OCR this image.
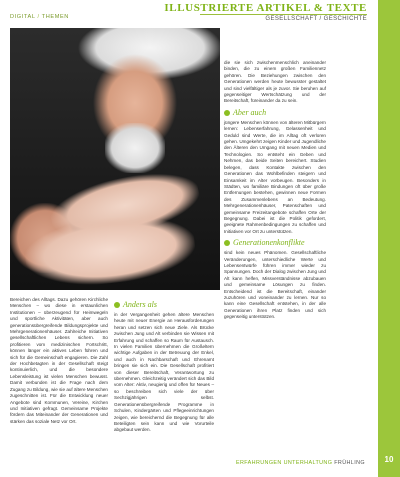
DIGITAL / THEMEN
ILLUSTRIERTE ARTIKEL & TEXTE
GESELLSCHAFT / GESCHICHTE
10

Bereichen des Alltags. Dazu gehören Kirchliche Menschen – wo diese in erstaunlichen Institutionen – überzeugend für Heimwegeln und sportliche Aktivitäten, aber auch generationsübergreifende Bildungsprojekte und Mehrgenerationenhäuser. Zahlreiche Initiativen gesellschaftlichen Lebens sichern. So profitieren vom medizinischen Fortschritt, können länger ein aktives Leben führen und sich für die Gemeinschaft engagieren. Die Zahl der Hochbetagten in der Gesellschaft steigt kontinuierlich, und die besondere Lebensleistung ist vielen Menschen bewusst. Damit verbunden ist die Frage nach dem Zugang zu Bildung, wie sie auf ältere Menschen zugeschnitten ist. Für die Entwicklung neuer Angebote sind Kommunen, Vereine, Kirchen und Initiativen gefragt. Gemeinsame Projekte fördern das Miteinander der Generationen und stärken das soziale Netz vor Ort.

Anders als

in der Vergangenheit gehen ältere Menschen heute mit neuer Energie an Herausforderungen heran und setzen sich neue Ziele. Als Brücke zwischen Jung und Alt verbinden sie Wissen mit Erfahrung und schaffen so Raum für Austausch. In vielen Familien übernehmen die Großeltern wichtige Aufgaben in der Betreuung der Enkel, und auch in Nachbarschaft und Ehrenamt bringen sie sich ein. Die Gesellschaft profitiert von dieser Bereitschaft, Verantwortung zu übernehmen. Gleichzeitig verändert sich das Bild vom Alter: Aktiv, neugierig und offen für Neues – so beschreiben sich viele der über Sechzigjährigen selbst. Generationenübergreifende Programme in Schulen, Kindergärten und Pflegeeinrichtungen zeigen, wie bereichernd die Begegnung für alle Beteiligten sein kann und wie Vorurteile abgebaut werden.

die sie sich zwischenmenschlich aneinander binden, die zu einem großen Familiennetz gehören. Die Beziehungen zwischen den Generationen werden heute bewusster gestaltet und sind vielfältiger als je zuvor. Sie beruhen auf gegenseitiger Wertschätzung und der Bereitschaft, füreinander da zu sein.

Aber auch

jüngere Menschen können von älteren Mitbürgern lernen: Lebenserfahrung, Gelassenheit und Geduld sind Werte, die im Alltag oft verloren gehen. Umgekehrt zeigen Kinder und Jugendliche den Älteren den Umgang mit neuen Medien und Technologien. So entsteht ein Geben und Nehmen, das beide Seiten bereichert. Studien belegen, dass Kontakte zwischen den Generationen das Wohlbefinden steigern und Einsamkeit im Alter vorbeugen. Besonders in Städten, wo familiäre Bindungen oft über große Entfernungen bestehen, gewinnen neue Formen des Zusammenlebens an Bedeutung. Mehrgenerationenhäuser, Patenschaften und gemeinsame Freizeitangebote schaffen Orte der Begegnung. Dabei ist die Politik gefordert, geeignete Rahmenbedingungen zu schaffen und Initiativen vor Ort zu unterstützen.

Generationenkonflikte

sind kein neues Phänomen. Gesellschaftliche Veränderungen, unterschiedliche Werte und Lebensentwürfe führen immer wieder zu Spannungen. Doch der Dialog zwischen Jung und Alt kann helfen, Missverständnisse abzubauen und gemeinsame Lösungen zu finden. Entscheidend ist die Bereitschaft, einander zuzuhören und voneinander zu lernen. Nur so kann eine Gesellschaft entstehen, in der alle Generationen ihren Platz finden und sich gegenseitig unterstützen.

ERFAHRUNGEN UNTERHALTUNG FRÜHLING
